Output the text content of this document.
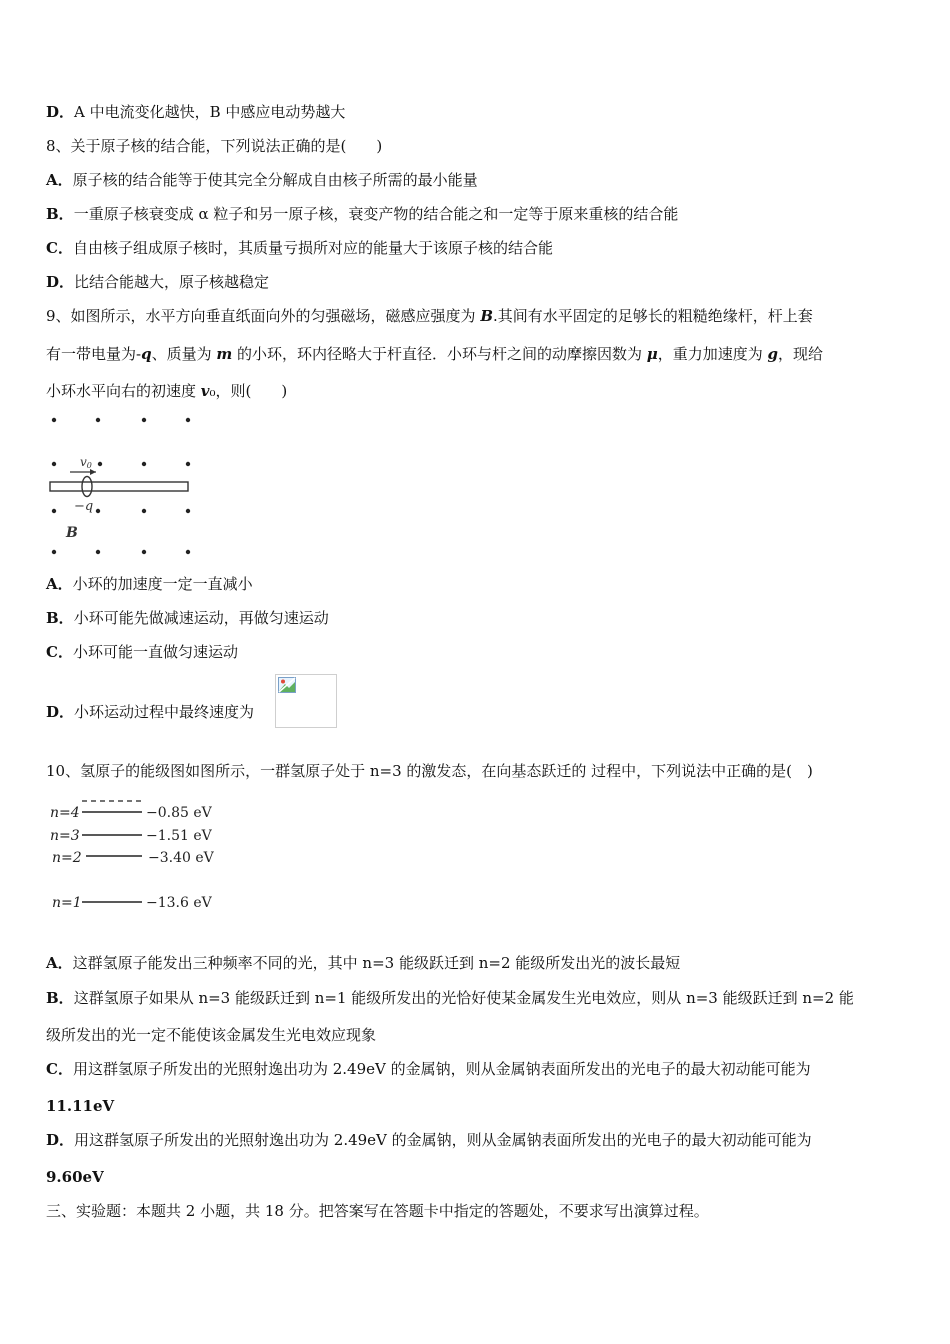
D．A 中电流变化越快，B 中感应电动势越大
8、关于原子核的结合能，下列说法正确的是(　　)
A．原子核的结合能等于使其完全分解成自由核子所需的最小能量
B．一重原子核衰变成 α 粒子和另一原子核，衰变产物的结合能之和一定等于原来重核的结合能
C．自由核子组成原子核时，其质量亏损所对应的能量大于该原子核的结合能
D．比结合能越大，原子核越稳定
9、如图所示，水平方向垂直纸面向外的匀强磁场，磁感应强度为 B.其间有水平固定的足够长的粗糙绝缘杆，杆上套
有一带电量为-q、质量为 m 的小环，环内径略大于杆直径．小环与杆之间的动摩擦因数为 μ，重力加速度为 g，现给
小环水平向右的初速度 v₀，则(　　)
v0
−q
B
A．小环的加速度一定一直减小
B．小环可能先做减速运动，再做匀速运动
C．小环可能一直做匀速运动
D．小环运动过程中最终速度为
10、氢原子的能级图如图所示，一群氢原子处于 n=3 的激发态，在向基态跃迁的 过程中，下列说法中正确的是(　)
n=4	−0.85 eV
n=3	−1.51 eV
n=2	−3.40 eV
n=1	−13.6 eV
A．这群氢原子能发出三种频率不同的光，其中 n=3 能级跃迁到 n=2 能级所发出光的波长最短
B．这群氢原子如果从 n=3 能级跃迁到 n=1 能级所发出的光恰好使某金属发生光电效应，则从 n=3 能级跃迁到 n=2 能
级所发出的光一定不能使该金属发生光电效应现象
C．用这群氢原子所发出的光照射逸出功为 2.49eV 的金属钠，则从金属钠表面所发出的光电子的最大初动能可能为
11.11eV
D．用这群氢原子所发出的光照射逸出功为 2.49eV 的金属钠，则从金属钠表面所发出的光电子的最大初动能可能为
9.60eV
三、实验题：本题共 2 小题，共 18 分。把答案写在答题卡中指定的答题处，不要求写出演算过程。
